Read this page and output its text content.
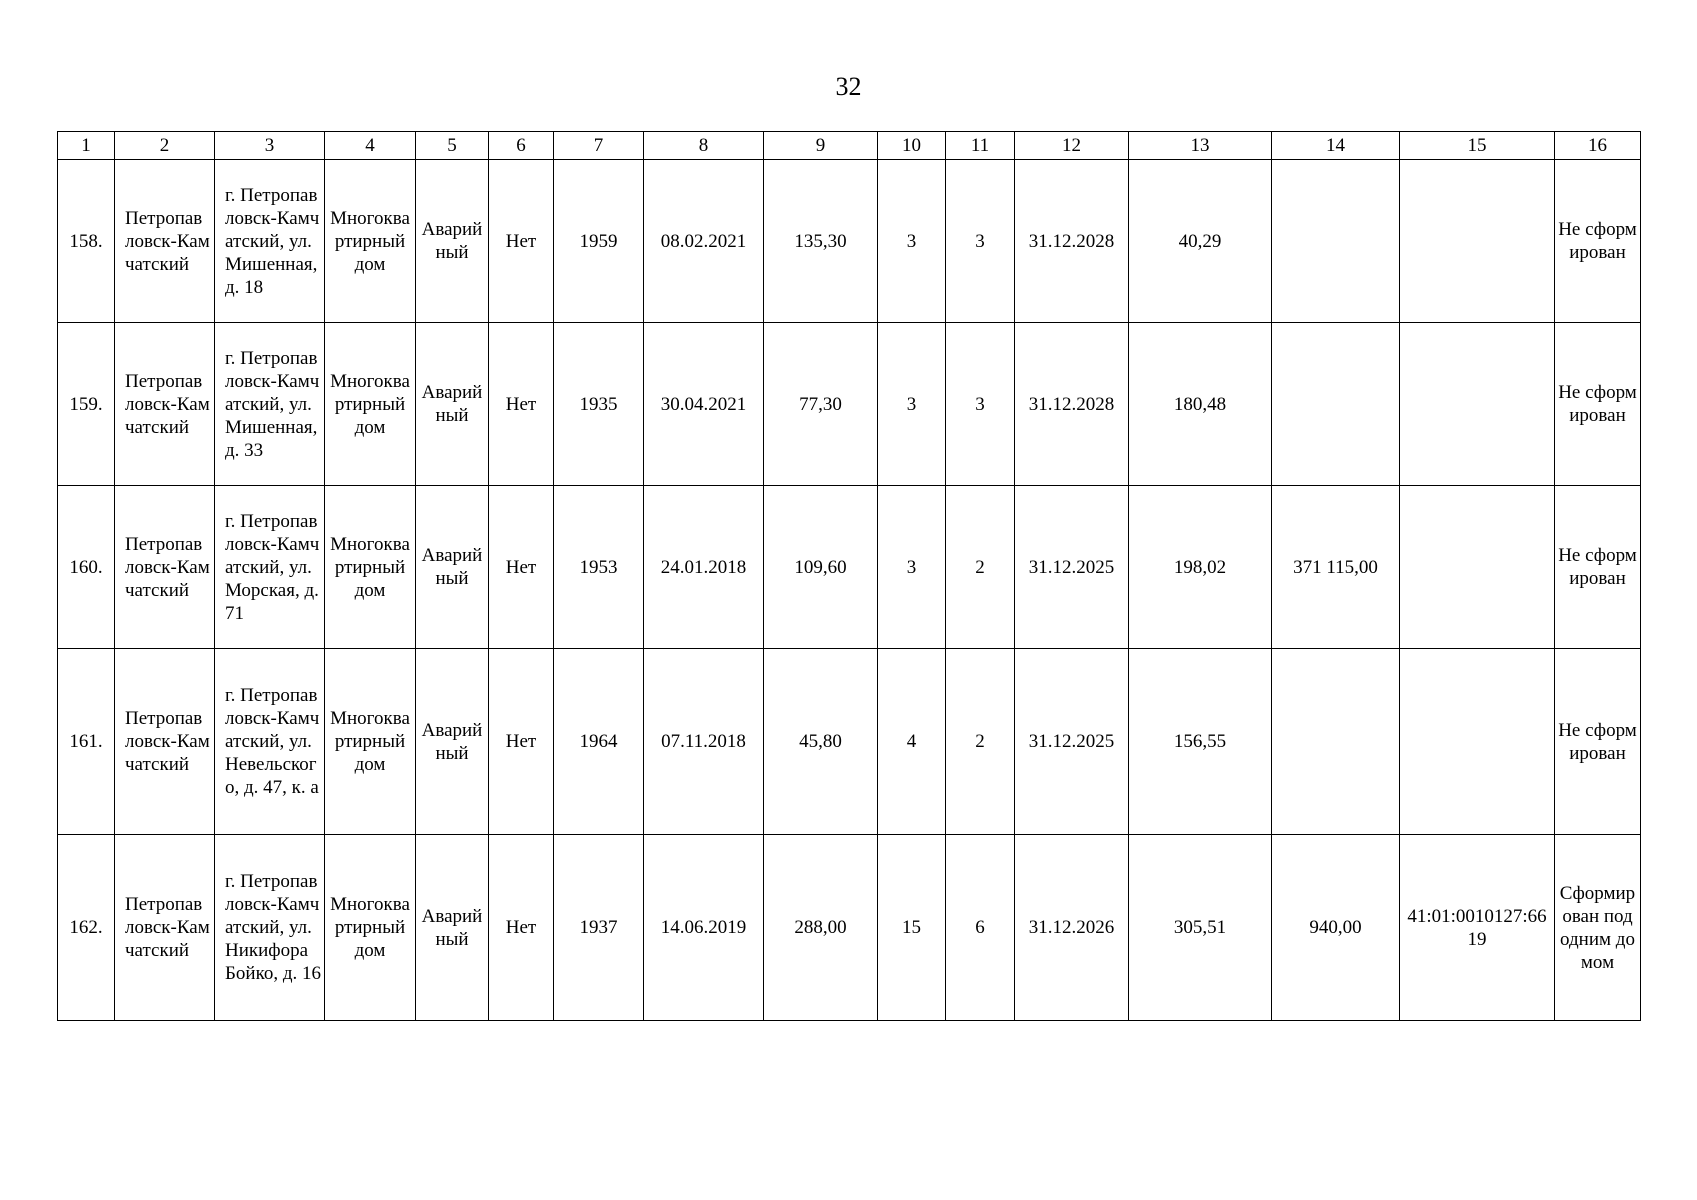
32
1	2	3	4	5	6	7	8	9	10	11	12	13	14	15	16
158.	Петропавловск-Камчатский	г. Петропавловск-Камчатский, ул. Мишенная, д. 18	Многоквартирный дом	Аварийный	Нет	1959	08.02.2021	135,30	3	3	31.12.2028	40,29			Не сформирован
159.	Петропавловск-Камчатский	г. Петропавловск-Камчатский, ул. Мишенная, д. 33	Многоквартирный дом	Аварийный	Нет	1935	30.04.2021	77,30	3	3	31.12.2028	180,48			Не сформирован
160.	Петропавловск-Камчатский	г. Петропавловск-Камчатский, ул. Морская, д. 71	Многоквартирный дом	Аварийный	Нет	1953	24.01.2018	109,60	3	2	31.12.2025	198,02	371 115,00		Не сформирован
161.	Петропавловск-Камчатский	г. Петропавловск-Камчатский, ул. Невельского, д. 47, к. а	Многоквартирный дом	Аварийный	Нет	1964	07.11.2018	45,80	4	2	31.12.2025	156,55			Не сформирован
162.	Петропавловск-Камчатский	г. Петропавловск-Камчатский, ул. Никифора Бойко, д. 16	Многоквартирный дом	Аварийный	Нет	1937	14.06.2019	288,00	15	6	31.12.2026	305,51	940,00	41:01:0010127:6619	Сформирован под одним домом
